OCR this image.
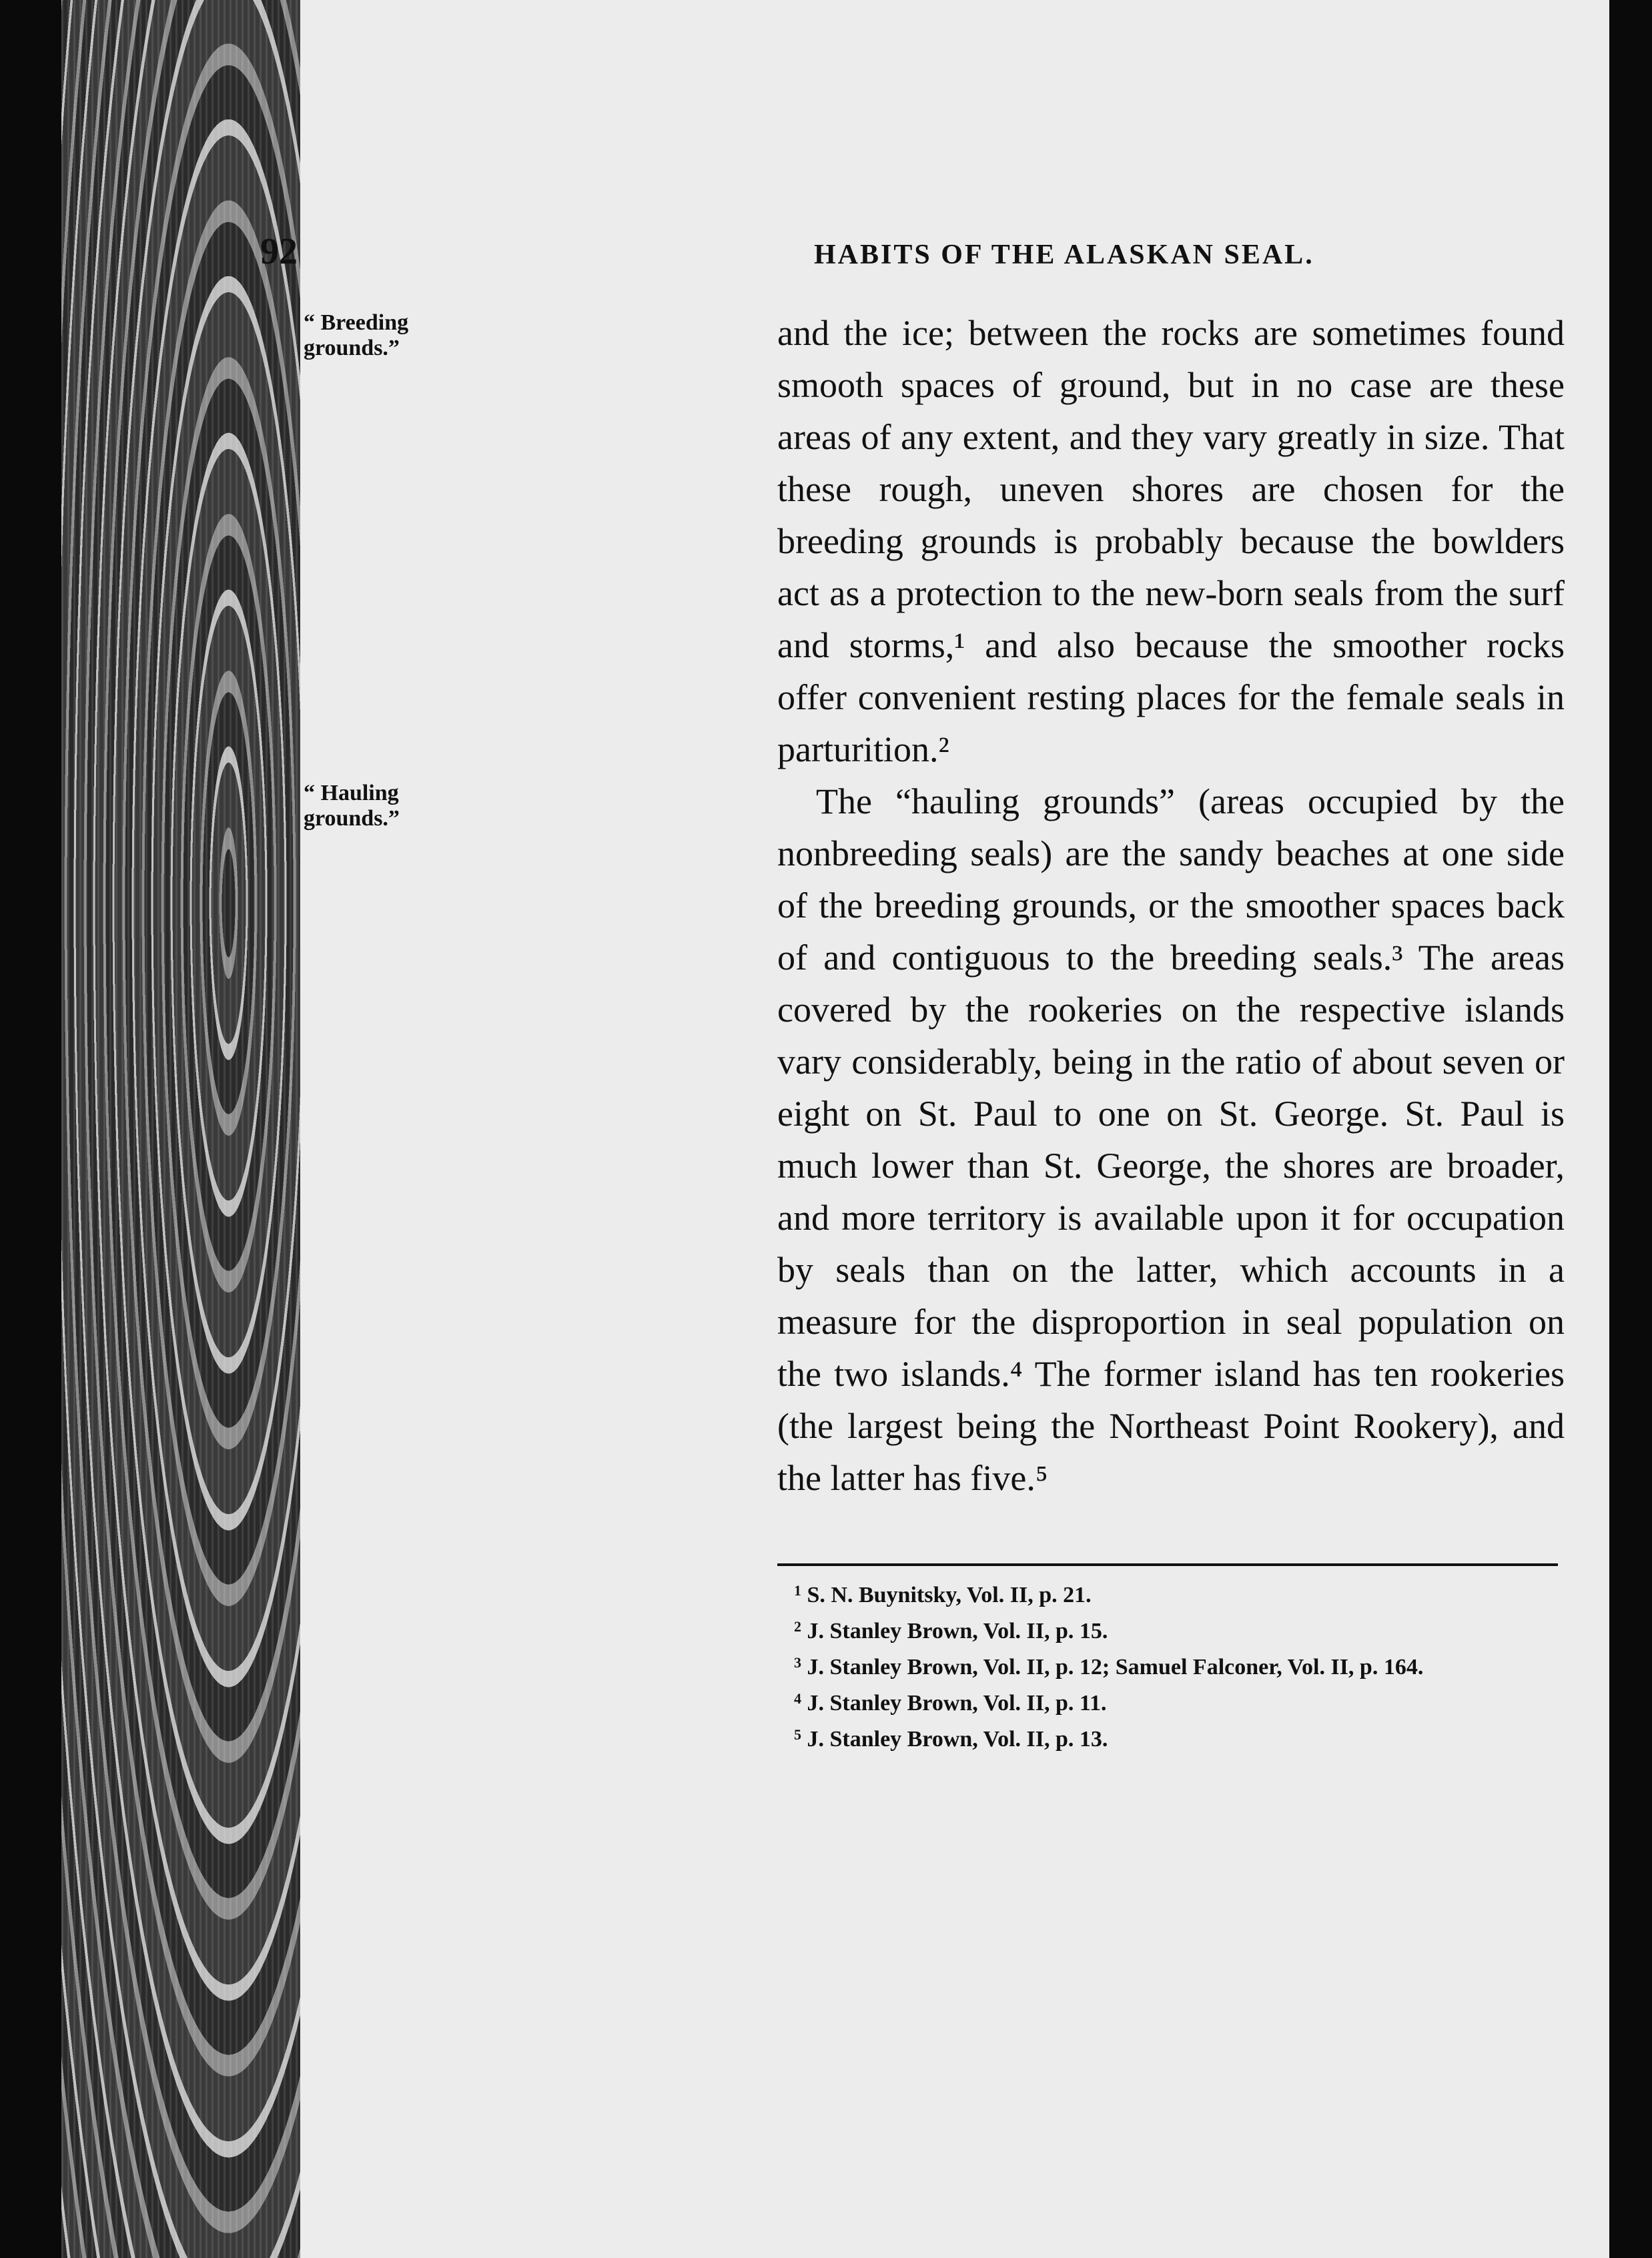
92	HABITS OF THE ALASKAN SEAL.
“ Breeding grounds.”
“ Hauling grounds.”

and the ice; between the rocks are sometimes found smooth spaces of ground, but in no case are these areas of any extent, and they vary greatly in size. That these rough, uneven shores are chosen for the breeding grounds is probably because the bowlders act as a protection to the new-born seals from the surf and storms,¹ and also because the smoother rocks offer convenient resting places for the female seals in parturition.²

The “hauling grounds” (areas occupied by the nonbreeding seals) are the sandy beaches at one side of the breeding grounds, or the smoother spaces back of and contiguous to the breeding seals.³ The areas covered by the rookeries on the respective islands vary considerably, being in the ratio of about seven or eight on St. Paul to one on St. George. St. Paul is much lower than St. George, the shores are broader, and more territory is available upon it for occupation by seals than on the latter, which accounts in a measure for the disproportion in seal population on the two islands.⁴ The former island has ten rookeries (the largest being the Northeast Point Rookery), and the latter has five.⁵

$^1$ S. N. Buynitsky, Vol. II, p. 21.
$^2$ J. Stanley Brown, Vol. II, p. 15.
$^3$ J. Stanley Brown, Vol. II, p. 12; Samuel Falconer, Vol. II, p. 164.
$^4$ J. Stanley Brown, Vol. II, p. 11.
$^5$ J. Stanley Brown, Vol. II, p. 13.
